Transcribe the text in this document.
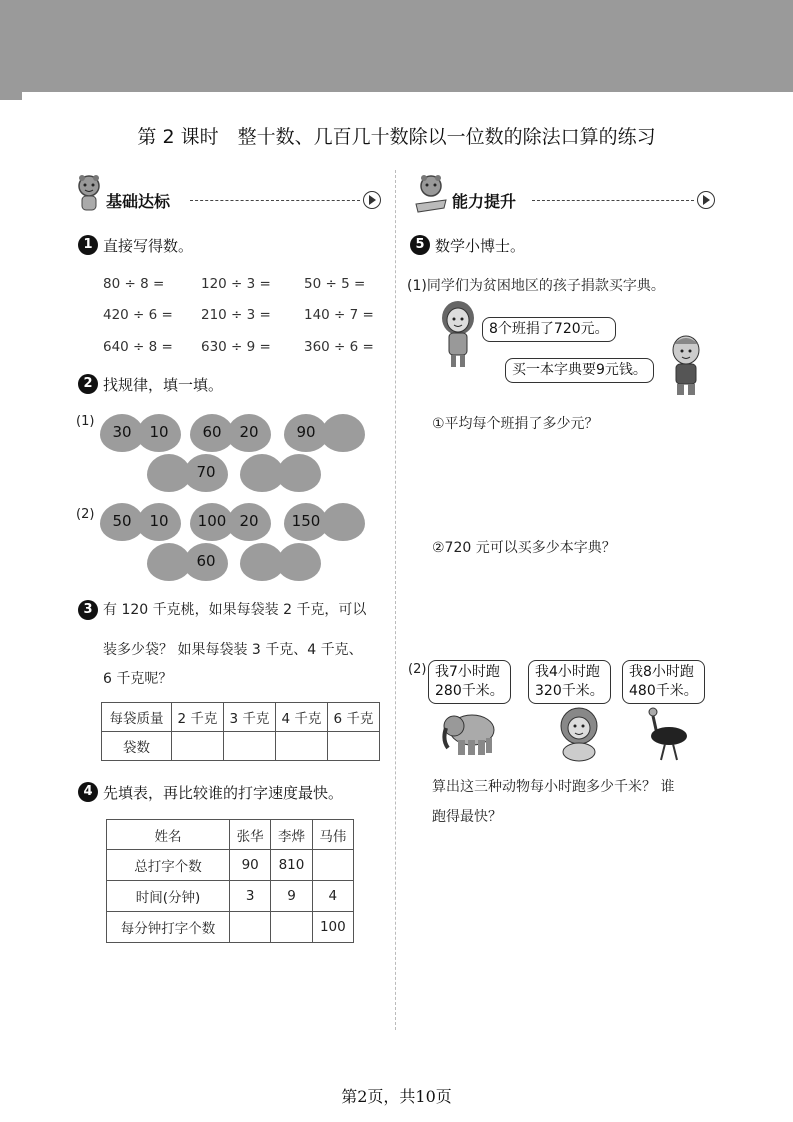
第 2 课时　整十数、几百几十数除以一位数的除法口算的练习
基础达标	能力提升
1 直接写得数。
80 ÷ 8 =	120 ÷ 3 = 50 ÷ 5 =
420 ÷ 6 = 210 ÷ 3 = 140 ÷ 7 =
640 ÷ 8 = 630 ÷ 9 = 360 ÷ 6 =
2 找规律，填一填。
(1)
30	10	60	20	90
70
(2)	50	10	100 20	150
60
3 有 120 千克桃，如果每袋装 2 千克，可以
装多少袋？ 如果每袋装 3 千克、4 千克、
6 千克呢？
每袋质量	2 千克	3 千克	4 千克	6 千克
袋数				
4 先填表，再比较谁的打字速度最快。
姓名	张华	李烨	马伟
总打字个数	90	810	
时间(分钟)	3	9	4
每分钟打字个数			100
5 数学小博士。
(1)同学们为贫困地区的孩子捐款买字典。
8个班捐了720元。
买一本字典要9元钱。
①平均每个班捐了多少元？
②720 元可以买多少本字典？
(2) 我7小时跑
280千米。
我4小时跑
320千米。
我8小时跑
480千米。
算出这三种动物每小时跑多少千米？ 谁
跑得最快？
第2页，共10页
